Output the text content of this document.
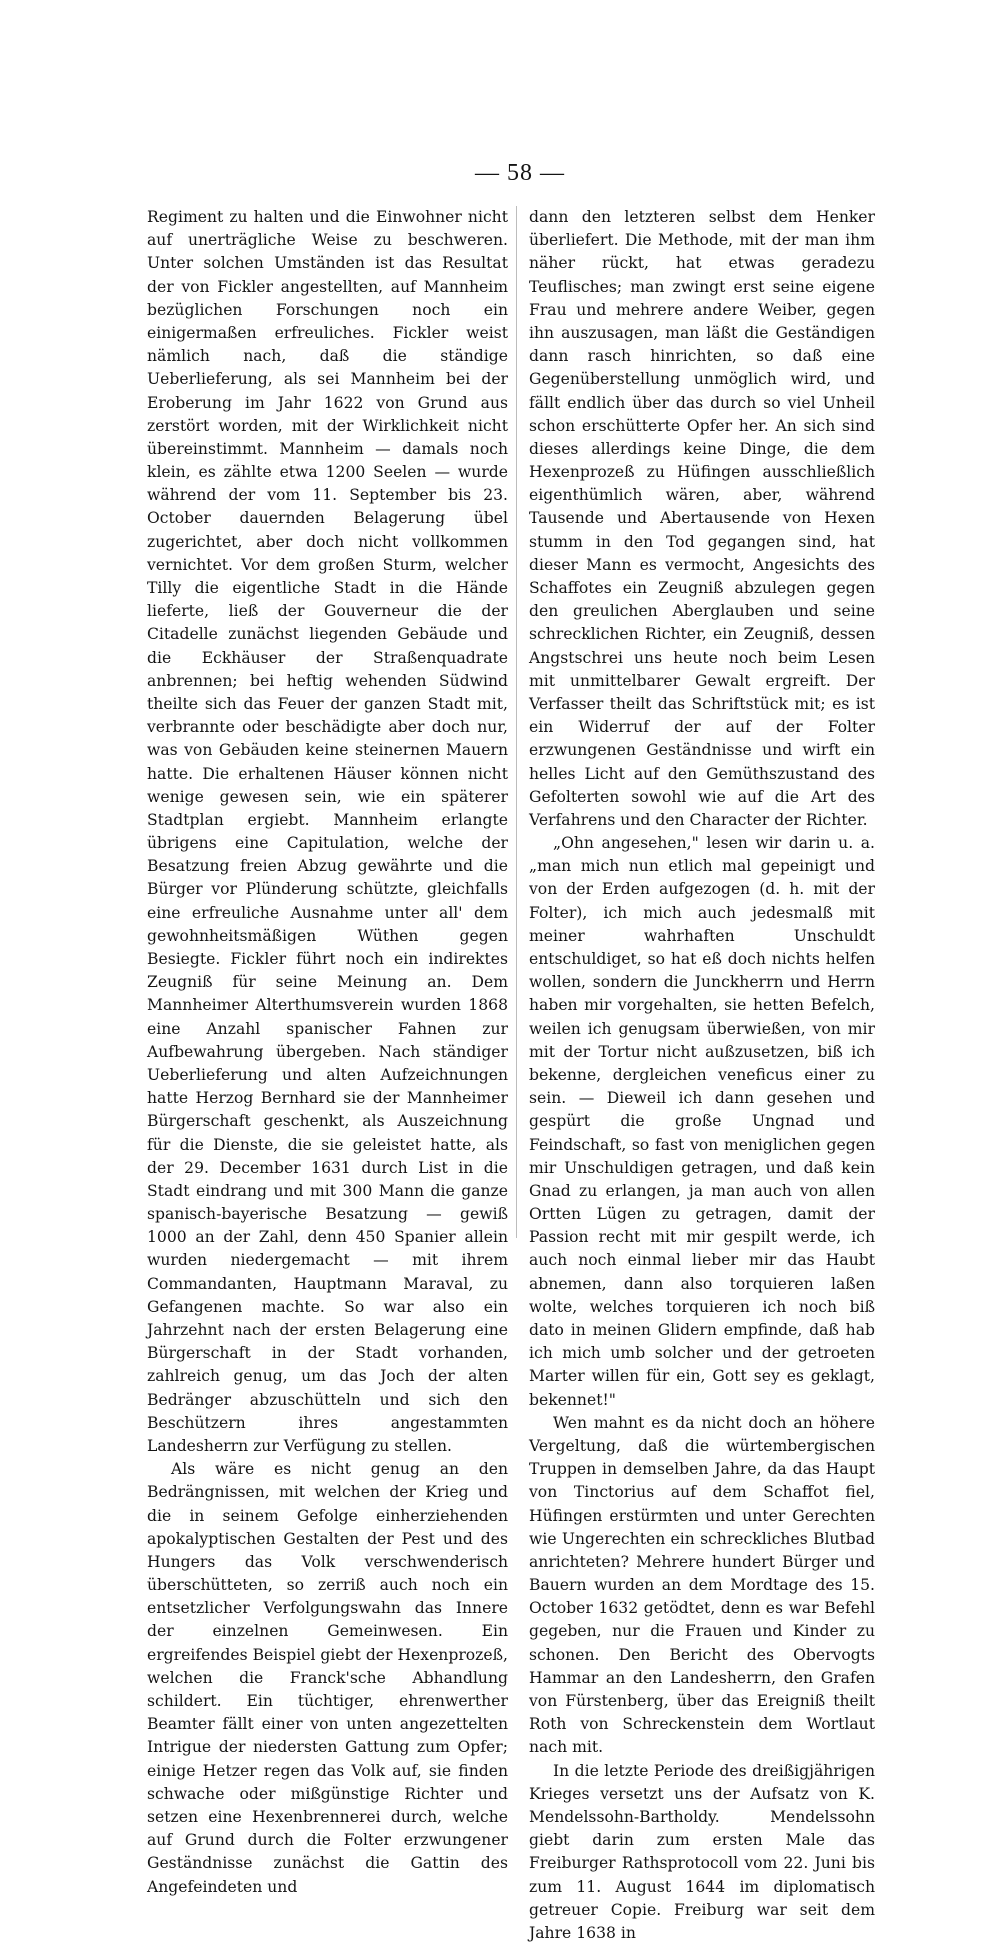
— 58 —

Regiment zu halten und die Einwohner nicht auf unerträgliche Weise zu beschweren. Unter solchen Umständen ist das Resultat der von Fickler angestellten, auf Mannheim bezüglichen Forschungen noch ein einigermaßen erfreuliches. Fickler weist nämlich nach, daß die ständige Ueberlieferung, als sei Mannheim bei der Eroberung im Jahr 1622 von Grund aus zerstört worden, mit der Wirklichkeit nicht übereinstimmt. Mannheim — damals noch klein, es zählte etwa 1200 Seelen — wurde während der vom 11. September bis 23. October dauernden Belagerung übel zugerichtet, aber doch nicht vollkommen vernichtet. Vor dem großen Sturm, welcher Tilly die eigentliche Stadt in die Hände lieferte, ließ der Gouverneur die der Citadelle zunächst liegenden Gebäude und die Eckhäuser der Straßenquadrate anbrennen; bei heftig wehenden Südwind theilte sich das Feuer der ganzen Stadt mit, verbrannte oder beschädigte aber doch nur, was von Gebäuden keine steinernen Mauern hatte. Die erhaltenen Häuser können nicht wenige gewesen sein, wie ein späterer Stadtplan ergiebt. Mannheim erlangte übrigens eine Capitulation, welche der Besatzung freien Abzug gewährte und die Bürger vor Plünderung schützte, gleichfalls eine erfreuliche Ausnahme unter all' dem gewohnheitsmäßigen Wüthen gegen Besiegte. Fickler führt noch ein indirektes Zeugniß für seine Meinung an. Dem Mannheimer Alterthumsverein wurden 1868 eine Anzahl spanischer Fahnen zur Aufbewahrung übergeben. Nach ständiger Ueberlieferung und alten Aufzeichnungen hatte Herzog Bernhard sie der Mannheimer Bürgerschaft geschenkt, als Auszeichnung für die Dienste, die sie geleistet hatte, als der 29. December 1631 durch List in die Stadt eindrang und mit 300 Mann die ganze spanisch-bayerische Besatzung — gewiß 1000 an der Zahl, denn 450 Spanier allein wurden niedergemacht — mit ihrem Commandanten, Hauptmann Maraval, zu Gefangenen machte. So war also ein Jahrzehnt nach der ersten Belagerung eine Bürgerschaft in der Stadt vorhanden, zahlreich genug, um das Joch der alten Bedränger abzuschütteln und sich den Beschützern ihres angestammten Landesherrn zur Verfügung zu stellen.

Als wäre es nicht genug an den Bedrängnissen, mit welchen der Krieg und die in seinem Gefolge einherziehenden apokalyptischen Gestalten der Pest und des Hungers das Volk verschwenderisch überschütteten, so zerriß auch noch ein entsetzlicher Verfolgungswahn das Innere der einzelnen Gemeinwesen. Ein ergreifendes Beispiel giebt der Hexenprozeß, welchen die Franck'sche Abhandlung schildert. Ein tüchtiger, ehrenwerther Beamter fällt einer von unten angezettelten Intrigue der niedersten Gattung zum Opfer; einige Hetzer regen das Volk auf, sie finden schwache oder mißgünstige Richter und setzen eine Hexenbrennerei durch, welche auf Grund durch die Folter erzwungener Geständnisse zunächst die Gattin des Angefeindeten und

dann den letzteren selbst dem Henker überliefert. Die Methode, mit der man ihm näher rückt, hat etwas geradezu Teuflisches; man zwingt erst seine eigene Frau und mehrere andere Weiber, gegen ihn auszusagen, man läßt die Geständigen dann rasch hinrichten, so daß eine Gegenüberstellung unmöglich wird, und fällt endlich über das durch so viel Unheil schon erschütterte Opfer her. An sich sind dieses allerdings keine Dinge, die dem Hexenprozeß zu Hüfingen ausschließlich eigenthümlich wären, aber, während Tausende und Abertausende von Hexen stumm in den Tod gegangen sind, hat dieser Mann es vermocht, Angesichts des Schaffotes ein Zeugniß abzulegen gegen den greulichen Aberglauben und seine schrecklichen Richter, ein Zeugniß, dessen Angstschrei uns heute noch beim Lesen mit unmittelbarer Gewalt ergreift. Der Verfasser theilt das Schriftstück mit; es ist ein Widerruf der auf der Folter erzwungenen Geständnisse und wirft ein helles Licht auf den Gemüthszustand des Gefolterten sowohl wie auf die Art des Verfahrens und den Character der Richter.

„Ohn angesehen," lesen wir darin u. a. „man mich nun etlich mal gepeinigt und von der Erden aufgezogen (d. h. mit der Folter), ich mich auch jedesmalß mit meiner wahrhaften Unschuldt entschuldiget, so hat eß doch nichts helfen wollen, sondern die Junckherrn und Herrn haben mir vorgehalten, sie hetten Befelch, weilen ich genugsam überwießen, von mir mit der Tortur nicht außzusetzen, biß ich bekenne, dergleichen veneficus einer zu sein. — Dieweil ich dann gesehen und gespürt die große Ungnad und Feindschaft, so fast von meniglichen gegen mir Unschuldigen getragen, und daß kein Gnad zu erlangen, ja man auch von allen Ortten Lügen zu getragen, damit der Passion recht mit mir gespilt werde, ich auch noch einmal lieber mir das Haubt abnemen, dann also torquieren laßen wolte, welches torquieren ich noch biß dato in meinen Glidern empfinde, daß hab ich mich umb solcher und der getroeten Marter willen für ein, Gott sey es geklagt, bekennet!"

Wen mahnt es da nicht doch an höhere Vergeltung, daß die würtembergischen Truppen in demselben Jahre, da das Haupt von Tinctorius auf dem Schaffot fiel, Hüfingen erstürmten und unter Gerechten wie Ungerechten ein schreckliches Blutbad anrichteten? Mehrere hundert Bürger und Bauern wurden an dem Mordtage des 15. October 1632 getödtet, denn es war Befehl gegeben, nur die Frauen und Kinder zu schonen. Den Bericht des Obervogts Hammar an den Landesherrn, den Grafen von Fürstenberg, über das Ereigniß theilt Roth von Schreckenstein dem Wortlaut nach mit.

In die letzte Periode des dreißigjährigen Krieges versetzt uns der Aufsatz von K. Mendelssohn-Bartholdy. Mendelssohn giebt darin zum ersten Male das Freiburger Rathsprotocoll vom 22. Juni bis zum 11. August 1644 im diplomatisch getreuer Copie. Freiburg war seit dem Jahre 1638 in
